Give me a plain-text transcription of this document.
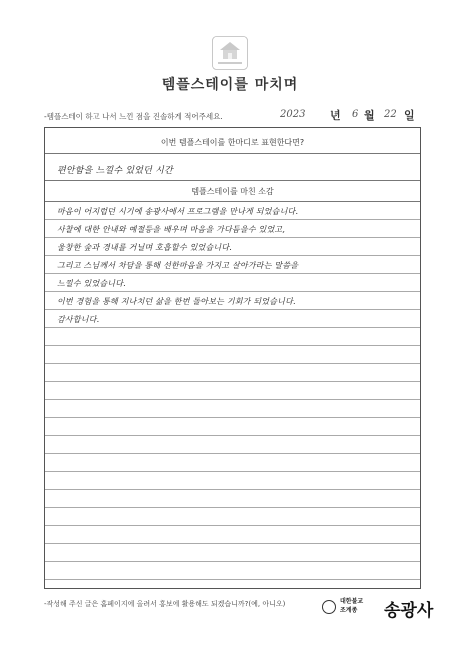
템플스테이를 마치며
-템플스테이 하고 나서 느낀 점을 진솔하게 적어주세요.	2023 년 6 월 22 일
이번 템플스테이를 한마디로 표현한다면?
편안함을 느낄수 있었던 시간
템플스테이를 마친 소감
마음이 어지럽던 시기에 송광사에서 프로그램을 만나게 되었습니다.
사찰에 대한 안내와 예절등을 배우며 마음을 가다듬을수 있었고,
울창한 숲과 경내를 거닐며 호흡할수 있었습니다.
그리고 스님께서 차담을 통해 선한마음을 가지고 살아가라는 말씀을
느낄수 있었습니다.
이번 경험을 통해 지나치던 삶을 한번 돌아보는 기회가 되었습니다.
감사합니다.
-작성해 주신 글은 홈페이지에 올려서 홍보에 활용해도 되겠습니까?(예, 아니오)	대한불교
조계종	송광사
